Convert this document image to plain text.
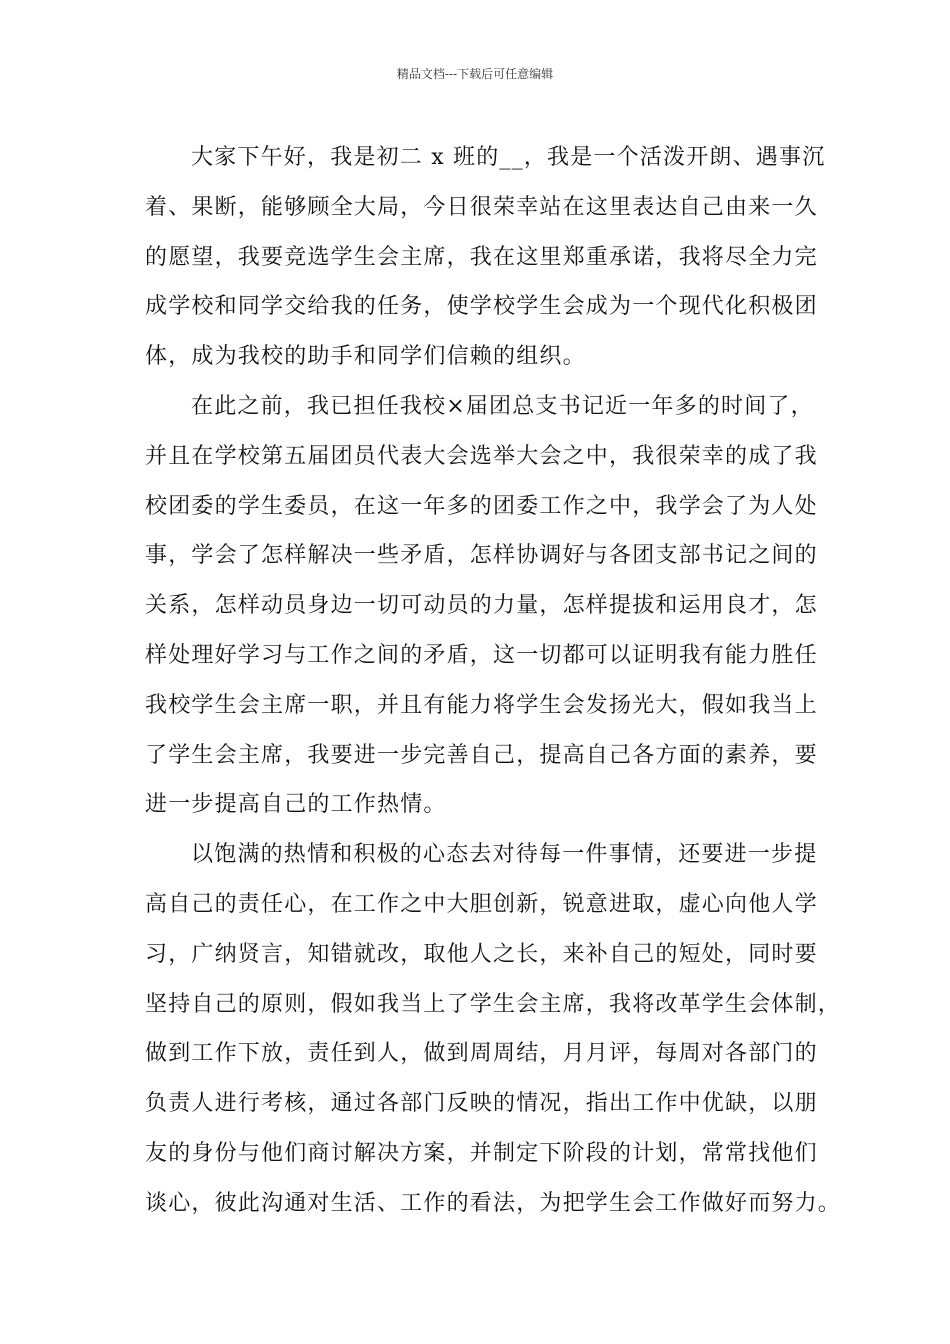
精品文档---下载后可任意编辑

大家下午好，我是初二 x 班的__，我是一个活泼开朗、遇事沉
着、果断，能够顾全大局，今日很荣幸站在这里表达自己由来一久
的愿望，我要竞选学生会主席，我在这里郑重承诺，我将尽全力完
成学校和同学交给我的任务，使学校学生会成为一个现代化积极团
体，成为我校的助手和同学们信赖的组织。

在此之前，我已担任我校×届团总支书记近一年多的时间了，
并且在学校第五届团员代表大会选举大会之中，我很荣幸的成了我
校团委的学生委员，在这一年多的团委工作之中，我学会了为人处
事，学会了怎样解决一些矛盾，怎样协调好与各团支部书记之间的
关系，怎样动员身边一切可动员的力量，怎样提拔和运用良才，怎
样处理好学习与工作之间的矛盾，这一切都可以证明我有能力胜任
我校学生会主席一职，并且有能力将学生会发扬光大，假如我当上
了学生会主席，我要进一步完善自己，提高自己各方面的素养，要
进一步提高自己的工作热情。

以饱满的热情和积极的心态去对待每一件事情，还要进一步提
高自己的责任心，在工作之中大胆创新，锐意进取，虚心向他人学
习，广纳贤言，知错就改，取他人之长，来补自己的短处，同时要
坚持自己的原则，假如我当上了学生会主席，我将改革学生会体制，
做到工作下放，责任到人，做到周周结，月月评，每周对各部门的
负责人进行考核，通过各部门反映的情况，指出工作中优缺，以朋
友的身份与他们商讨解决方案，并制定下阶段的计划，常常找他们
谈心，彼此沟通对生活、工作的看法，为把学生会工作做好而努力。
